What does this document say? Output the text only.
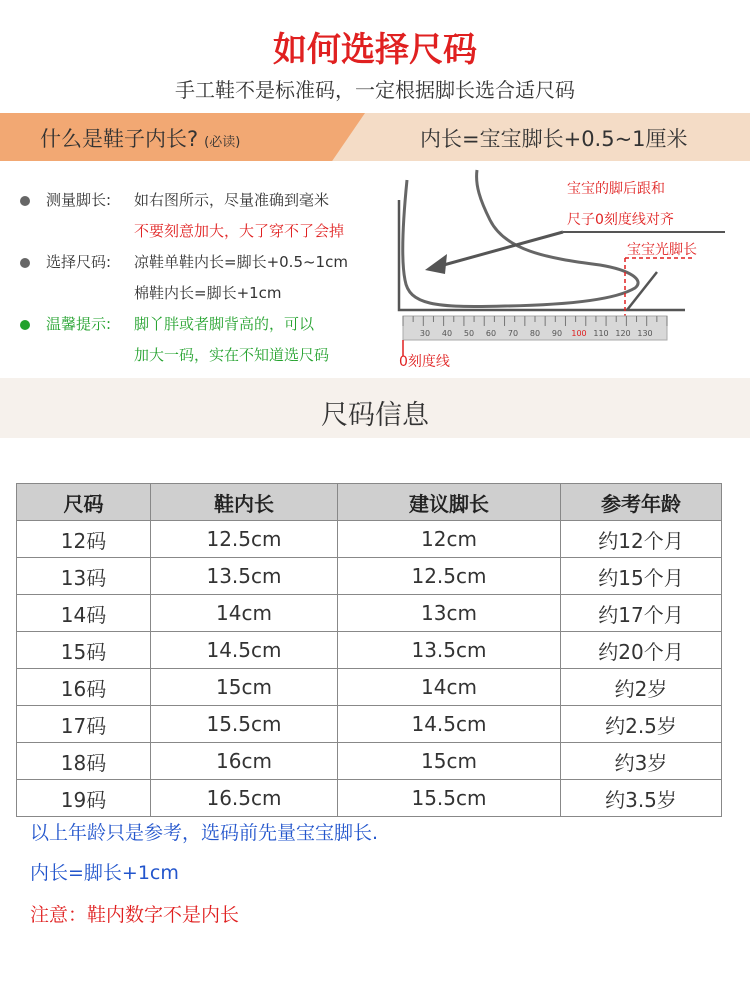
如何选择尺码
手工鞋不是标准码，一定根据脚长选合适尺码
什么是鞋子内长? (必读)	内长=宝宝脚长+0.5~1厘米
测量脚长: 如右图所示，尽量准确到毫米
不要刻意加大，大了穿不了会掉
选择尺码: 凉鞋单鞋内长=脚长+0.5~1cm
棉鞋内长=脚长+1cm
温馨提示: 脚丫胖或者脚背高的，可以
加大一码，实在不知道选尺码
30 40 50 60 70 80 90 100 110 120 130
宝宝的脚后跟和
尺子0刻度线对齐
宝宝光脚长
0刻度线
尺码信息
尺码	鞋内长	建议脚长	参考年龄
12码	12.5cm	12cm	约12个月
13码	13.5cm	12.5cm	约15个月
14码	14cm	13cm	约17个月
15码	14.5cm	13.5cm	约20个月
16码	15cm	14cm	约2岁
17码	15.5cm	14.5cm	约2.5岁
18码	16cm	15cm	约3岁
19码	16.5cm	15.5cm	约3.5岁
以上年龄只是参考，选码前先量宝宝脚长.
内长=脚长+1cm
注意：鞋内数字不是内长
